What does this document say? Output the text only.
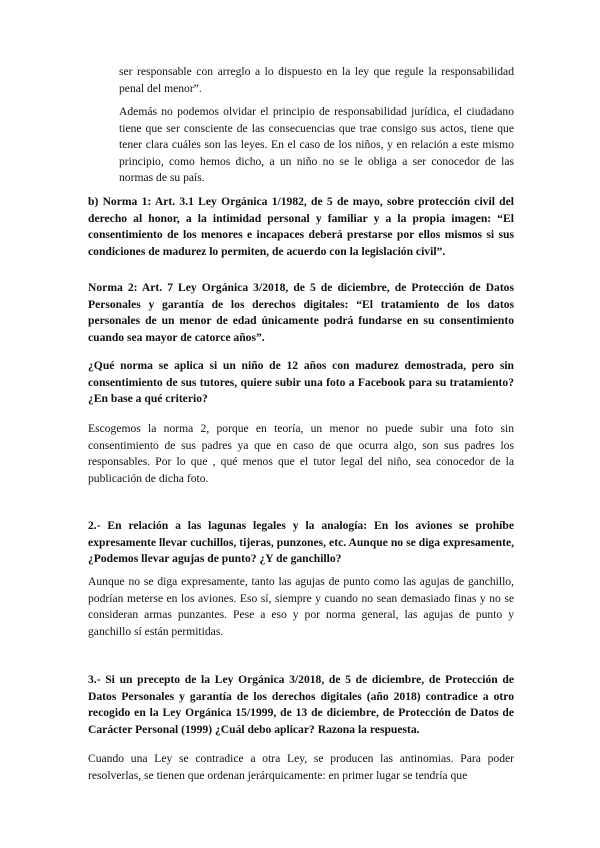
ser responsable con arreglo a lo dispuesto en la ley que regule la responsabilidad penal del menor”.

Además no podemos olvidar el principio de responsabilidad jurídica, el ciudadano tiene que ser consciente de las consecuencias que trae consigo sus actos, tiene que tener clara cuáles son las leyes. En el caso de los niños, y en relación a este mismo principio, como hemos dicho, a un niño no se le obliga a ser conocedor de las normas de su país.

b) Norma 1: Art. 3.1 Ley Orgánica 1/1982, de 5 de mayo, sobre protección civil del derecho al honor, a la intimidad personal y familiar y a la propia imagen: “El consentimiento de los menores e incapaces deberá prestarse por ellos mismos si sus condiciones de madurez lo permiten, de acuerdo con la legislación civil”.

Norma 2: Art. 7 Ley Orgánica 3/2018, de 5 de diciembre, de Protección de Datos Personales y garantía de los derechos digitales: “El tratamiento de los datos personales de un menor de edad únicamente podrá fundarse en su consentimiento cuando sea mayor de catorce años”.

¿Qué norma se aplica si un niño de 12 años con madurez demostrada, pero sin consentimiento de sus tutores, quiere subir una foto a Facebook para su tratamiento? ¿En base a qué criterio?

Escogemos la norma 2, porque en teoría, un menor no puede subir una foto sin consentimiento de sus padres ya que en caso de que ocurra algo, son sus padres los responsables. Por lo que , qué menos que el tutor legal del niño, sea conocedor de la publicación de dicha foto.

2.- En relación a las lagunas legales y la analogía: En los aviones se prohíbe expresamente llevar cuchillos, tijeras, punzones, etc. Aunque no se diga expresamente, ¿Podemos llevar agujas de punto? ¿Y de ganchillo?

Aunque no se diga expresamente, tanto las agujas de punto como las agujas de ganchillo, podrían meterse en los aviones. Eso sí, siempre y cuando no sean demasiado finas y no se consideran armas punzantes. Pese a eso y por norma general, las agujas de punto y ganchillo sí están permitidas.

3.- Si un precepto de la Ley Orgánica 3/2018, de 5 de diciembre, de Protección de Datos Personales y garantía de los derechos digitales (año 2018) contradice a otro recogido en la Ley Orgánica 15/1999, de 13 de diciembre, de Protección de Datos de Carácter Personal (1999) ¿Cuál debo aplicar? Razona la respuesta.

Cuando una Ley se contradice a otra Ley, se producen las antinomias. Para poder resolverlas, se tienen que ordenan jerárquicamente: en primer lugar se tendría que
